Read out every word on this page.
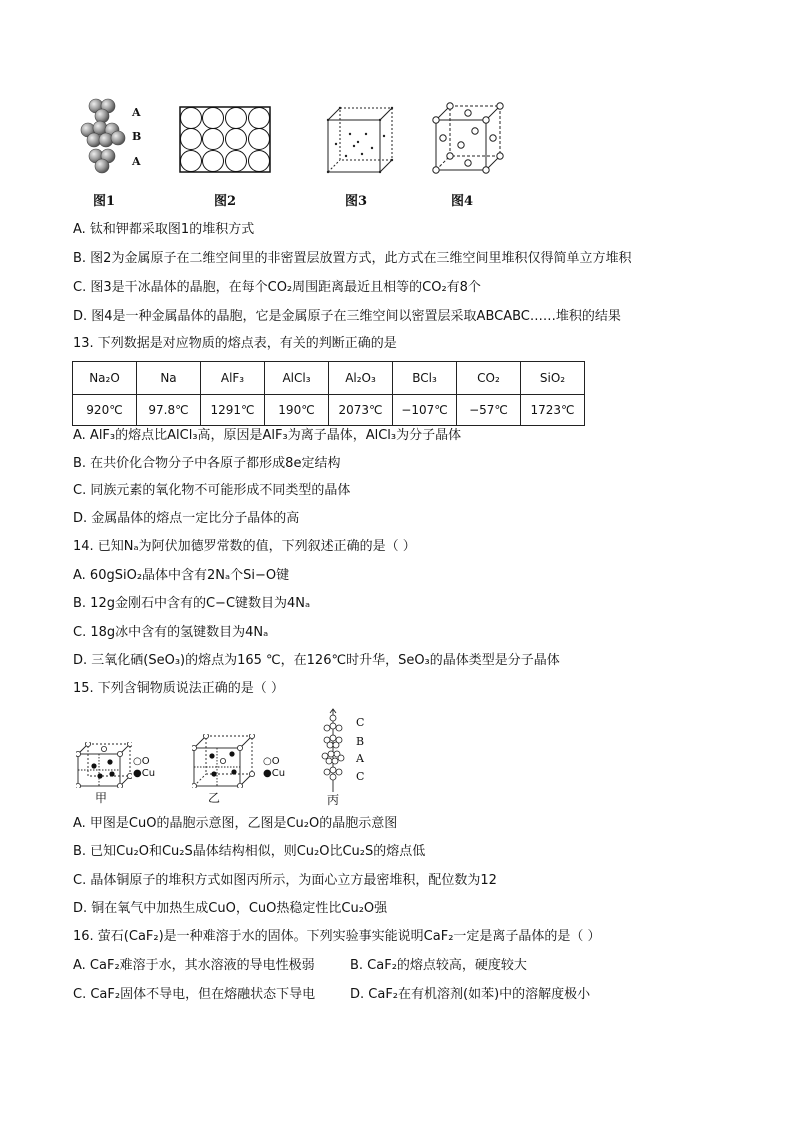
A
B
A
图1	图2	图3	图4
A. 钛和钾都采取图1的堆积方式
B. 图2为金属原子在二维空间里的非密置层放置方式，此方式在三维空间里堆积仅得简单立方堆积
C. 图3是干冰晶体的晶胞，在每个CO₂周围距离最近且相等的CO₂有8个
D. 图4是一种金属晶体的晶胞，它是金属原子在三维空间以密置层采取ABCABC……堆积的结果
13. 下列数据是对应物质的熔点表，有关的判断正确的是
Na₂O	Na	AlF₃	AlCl₃	Al₂O₃	BCl₃	CO₂	SiO₂
920℃	97.8℃	1291℃	190℃	2073℃	−107℃	−57℃	1723℃
A. AlF₃的熔点比AlCl₃高，原因是AlF₃为离子晶体，AlCl₃为分子晶体
B. 在共价化合物分子中各原子都形成8e定结构
C. 同族元素的氧化物不可能形成不同类型的晶体
D. 金属晶体的熔点一定比分子晶体的高
14. 已知Nₐ为阿伏加德罗常数的值，下列叙述正确的是（ ）
A. 60gSiO₂晶体中含有2Nₐ个Si−O键
B. 12g金刚石中含有的C−C键数目为4Nₐ
C. 18g冰中含有的氢键数目为4Nₐ
D. 三氧化硒(SeO₃)的熔点为165 ℃，在126℃时升华，SeO₃的晶体类型是分子晶体
15. 下列含铜物质说法正确的是（ ）
○O
●Cu
甲
○O
●Cu
乙
C
B
A
C
丙
A. 甲图是CuO的晶胞示意图，乙图是Cu₂O的晶胞示意图
B. 已知Cu₂O和Cu₂S晶体结构相似，则Cu₂O比Cu₂S的熔点低
C. 晶体铜原子的堆积方式如图丙所示，为面心立方最密堆积，配位数为12
D. 铜在氧气中加热生成CuO，CuO热稳定性比Cu₂O强
16. 萤石(CaF₂)是一种难溶于水的固体。下列实验事实能说明CaF₂一定是离子晶体的是（ ）
A. CaF₂难溶于水，其水溶液的导电性极弱	B. CaF₂的熔点较高，硬度较大
C. CaF₂固体不导电，但在熔融状态下导电	D. CaF₂在有机溶剂(如苯)中的溶解度极小
